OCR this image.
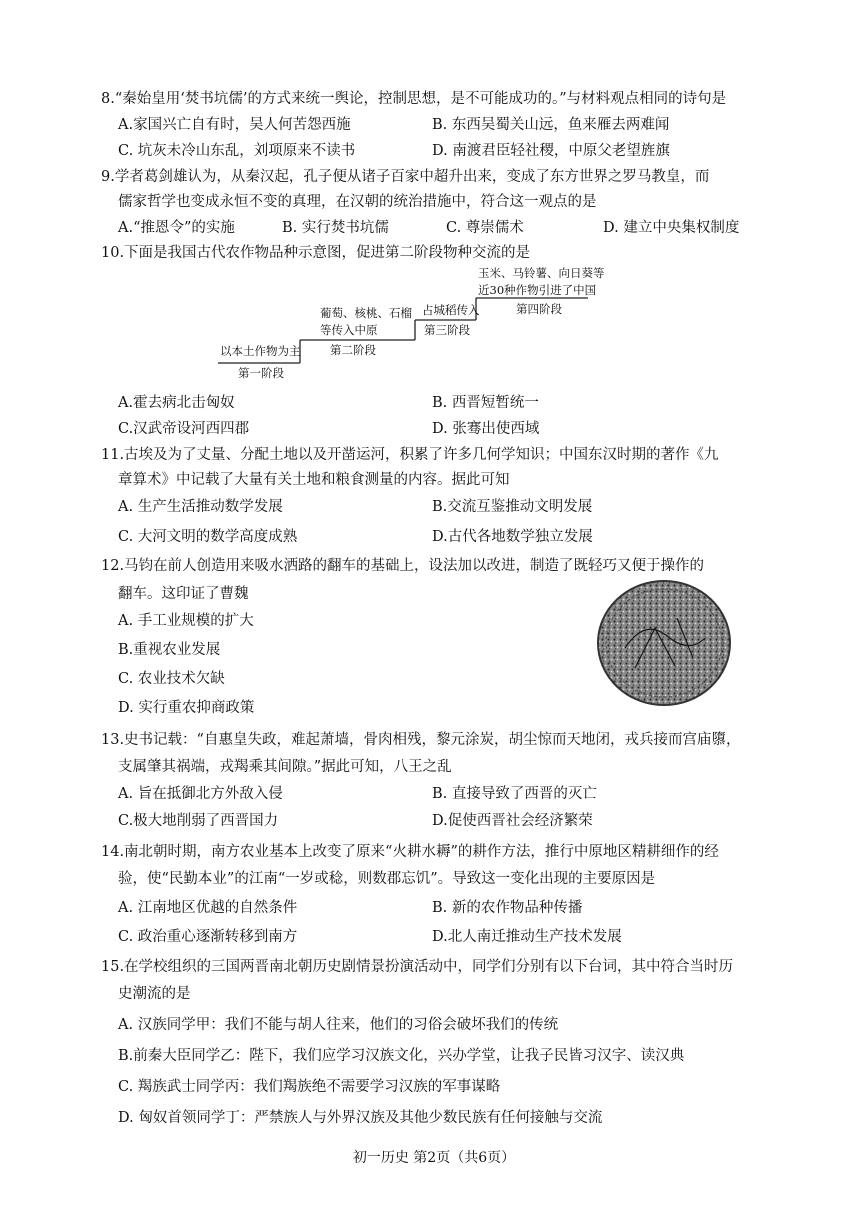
8.“秦始皇用‘焚书坑儒’的方式来统一舆论，控制思想，是不可能成功的。”与材料观点相同的诗句是
A.家国兴亡自有时，吴人何苦怨西施	B. 东西吴蜀关山远，鱼来雁去两难闻
C. 坑灰未冷山东乱，刘项原来不读书	D. 南渡君臣轻社稷，中原父老望旌旗
9.学者葛剑雄认为，从秦汉起，孔子便从诸子百家中超升出来，变成了东方世界之罗马教皇，而
儒家哲学也变成永恒不变的真理，在汉朝的统治措施中，符合这一观点的是
A.“推恩令”的实施	B. 实行焚书坑儒	C. 尊崇儒术	D. 建立中央集权制度
10.下面是我国古代农作物品种示意图，促进第二阶段物种交流的是
以本土作物为主
第一阶段
葡萄、核桃、石榴
等传入中原
第二阶段
占城稻传入
第三阶段
玉米、马铃薯、向日葵等
近30种作物引进了中国
第四阶段
A.霍去病北击匈奴	B. 西晋短暂统一
C.汉武帝设河西四郡	D. 张骞出使西域
11.古埃及为了丈量、分配土地以及开凿运河，积累了许多几何学知识；中国东汉时期的著作《九
章算术》中记载了大量有关土地和粮食测量的内容。据此可知
A. 生产生活推动数学发展	B.交流互鉴推动文明发展
C. 大河文明的数学高度成熟	D.古代各地数学独立发展
12.马钧在前人创造用来吸水洒路的翻车的基础上，设法加以改进，制造了既轻巧又便于操作的
翻车。这印证了曹魏
A. 手工业规模的扩大
B.重视农业发展
C. 农业技术欠缺
D. 实行重农抑商政策
13.史书记载：“自惠皇失政，难起萧墙，骨肉相残，黎元涂炭，胡尘惊而天地闭，戎兵接而宫庙隳，
支属肇其祸端，戎羯乘其间隙。”据此可知，八王之乱
A. 旨在抵御北方外敌入侵	B. 直接导致了西晋的灭亡
C.极大地削弱了西晋国力	D.促使西晋社会经济繁荣
14.南北朝时期，南方农业基本上改变了原来“火耕水耨”的耕作方法，推行中原地区精耕细作的经
验，使“民勤本业”的江南“一岁或稔，则数郡忘饥”。导致这一变化出现的主要原因是
A. 江南地区优越的自然条件	B. 新的农作物品种传播
C. 政治重心逐渐转移到南方	D.北人南迁推动生产技术发展
15.在学校组织的三国两晋南北朝历史剧情景扮演活动中，同学们分别有以下台词，其中符合当时历
史潮流的是
A. 汉族同学甲：我们不能与胡人往来，他们的习俗会破坏我们的传统
B.前秦大臣同学乙：陛下，我们应学习汉族文化，兴办学堂，让我子民皆习汉字、读汉典
C. 羯族武士同学丙：我们羯族绝不需要学习汉族的军事谋略
D. 匈奴首领同学丁：严禁族人与外界汉族及其他少数民族有任何接触与交流
初一历史 第2页（共6页）
